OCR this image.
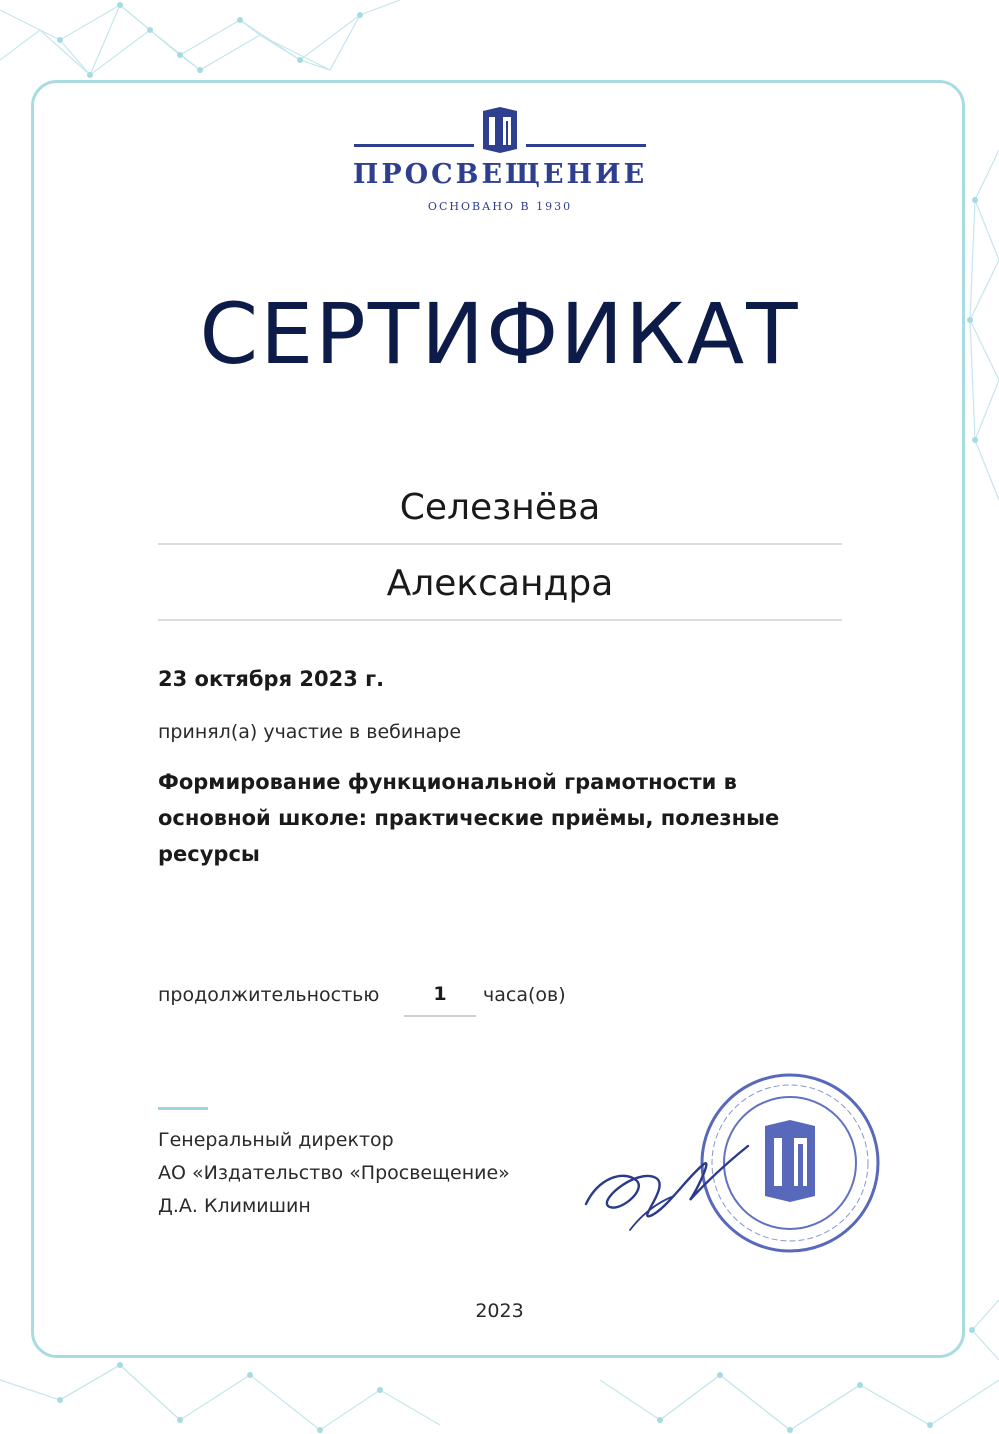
ПРОСВЕЩЕНИЕ
ОСНОВАНО В 1930
СЕРТИФИКАТ
Селезнёва
Александра
23 октября 2023 г.
принял(а) участие в вебинаре
Формирование функциональной грамотности в основной школе: практические приёмы, полезные ресурсы
продолжительностью	1	часа(ов)
Генеральный директор
АО «Издательство «Просвещение»
Д.А. Климишин
2023
